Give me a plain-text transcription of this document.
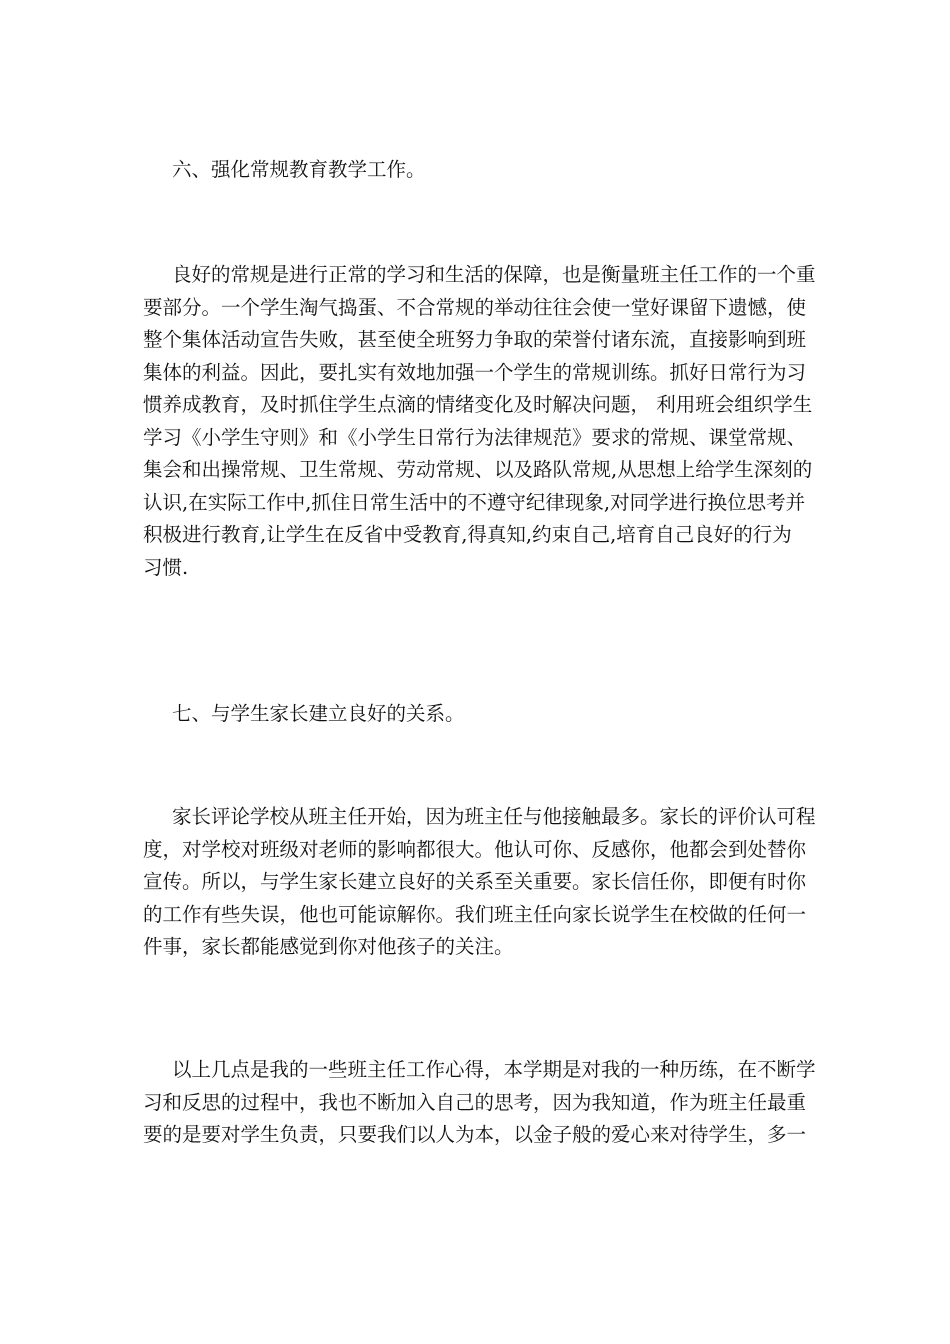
六、强化常规教育教学工作。

良好的常规是进行正常的学习和生活的保障，也是衡量班主任工作的一个重
要部分。一个学生淘气捣蛋、不合常规的举动往往会使一堂好课留下遗憾，使
整个集体活动宣告失败，甚至使全班努力争取的荣誉付诸东流，直接影响到班
集体的利益。因此，要扎实有效地加强一个学生的常规训练。抓好日常行为习
惯养成教育，及时抓住学生点滴的情绪变化及时解决问题， 利用班会组织学生
学习《小学生守则》和《小学生日常行为法律规范》要求的常规、课堂常规、
集会和出操常规、卫生常规、劳动常规、以及路队常规,从思想上给学生深刻的
认识,在实际工作中,抓住日常生活中的不遵守纪律现象,对同学进行换位思考并
积极进行教育,让学生在反省中受教育,得真知,约束自己,培育自己良好的行为
习惯.

七、与学生家长建立良好的关系。

家长评论学校从班主任开始，因为班主任与他接触最多。家长的评价认可程
度，对学校对班级对老师的影响都很大。他认可你、反感你，他都会到处替你
宣传。所以，与学生家长建立良好的关系至关重要。家长信任你，即便有时你
的工作有些失误，他也可能谅解你。我们班主任向家长说学生在校做的任何一
件事，家长都能感觉到你对他孩子的关注。
以上几点是我的一些班主任工作心得，本学期是对我的一种历练，在不断学
习和反思的过程中，我也不断加入自己的思考，因为我知道，作为班主任最重
要的是要对学生负责，只要我们以人为本，以金子般的爱心来对待学生，多一
